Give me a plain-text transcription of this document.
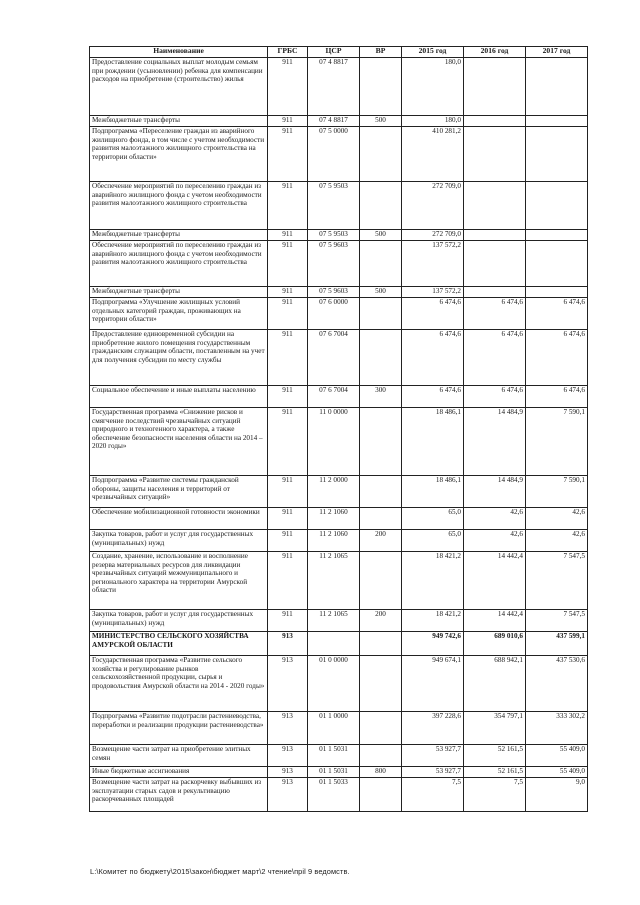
Наименование	ГРБС	ЦСР	ВР	2015 год	2016 год	2017 год
Предоставление социальных выплат молодым семьям при рождении (усыновлении) ребенка для компенсации расходов на приобретение (строительство) жилья	911	07 4 8817		180,0		
Межбюджетные трансферты	911	07 4 8817	500	180,0		
Подпрограмма «Переселение граждан из аварийного жилищного фонда, в том числе с учетом необходимости развития малоэтажного жилищного строительства на территории области»	911	07 5 0000		410 281,2		
Обеспечение мероприятий по переселению граждан из аварийного жилищного фонда с учетом необходимости развития малоэтажного жилищного строительства	911	07 5 9503		272 709,0		
Межбюджетные трансферты	911	07 5 9503	500	272 709,0		
Обеспечение мероприятий по переселению граждан из аварийного жилищного фонда с учетом необходимости развития малоэтажного жилищного строительства	911	07 5 9603		137 572,2		
Межбюджетные трансферты	911	07 5 9603	500	137 572,2		
Подпрограмма «Улучшение жилищных условий отдельных категорий граждан, проживающих на территории области»	911	07 6 0000		6 474,6	6 474,6	6 474,6
Предоставление единовременной субсидии на приобретение жилого помещения государственным гражданским служащим области, поставленным на учет для получения субсидии по месту службы	911	07 6 7004		6 474,6	6 474,6	6 474,6
Социальное обеспечение и иные выплаты населению	911	07 6 7004	300	6 474,6	6 474,6	6 474,6
Государственная программа «Снижение рисков и смягчение последствий чрезвычайных ситуаций природного и техногенного характера, а также обеспечение безопасности населения области на 2014 – 2020 годы»	911	11 0 0000		18 486,1	14 484,9	7 590,1
Подпрограмма «Развитие системы гражданской обороны, защиты населения и территорий от чрезвычайных ситуаций»	911	11 2 0000		18 486,1	14 484,9	7 590,1
Обеспечение мобилизационной готовности экономики	911	11 2 1060		65,0	42,6	42,6
Закупка товаров, работ и услуг для государственных (муниципальных) нужд	911	11 2 1060	200	65,0	42,6	42,6
Создание, хранение, использование и восполнение резерва материальных ресурсов для ликвидации чрезвычайных ситуаций межмуниципального и регионального характера на территории Амурской области	911	11 2 1065		18 421,2	14 442,4	7 547,5
Закупка товаров, работ и услуг для государственных (муниципальных) нужд	911	11 2 1065	200	18 421,2	14 442,4	7 547,5
МИНИСТЕРСТВО СЕЛЬСКОГО ХОЗЯЙСТВА АМУРСКОЙ ОБЛАСТИ	913			949 742,6	689 010,6	437 599,1
Государственная программа «Развитие сельского хозяйства и регулирование рынков сельскохозяйственной продукции, сырья и продовольствия Амурской области на 2014 - 2020 годы»	913	01 0 0000		949 674,1	688 942,1	437 530,6
Подпрограмма «Развитие подотрасли растениеводства, переработки и реализации продукции растениеводства»	913	01 1 0000		397 228,6	354 797,1	333 302,2
Возмещение части затрат на приобретение элитных семян	913	01 1 5031		53 927,7	52 161,5	55 409,0
Иные бюджетные ассигнования	913	01 1 5031	800	53 927,7	52 161,5	55 409,0
Возмещение части затрат на раскорчевку выбывших из эксплуатации старых садов и рекультивацию раскорчеванных площадей	913	01 1 5033		7,5	7,5	9,0
L:\Комитет по бюджету\2015\закон\бюджет март\2 чтение\прil 9 ведомств.
